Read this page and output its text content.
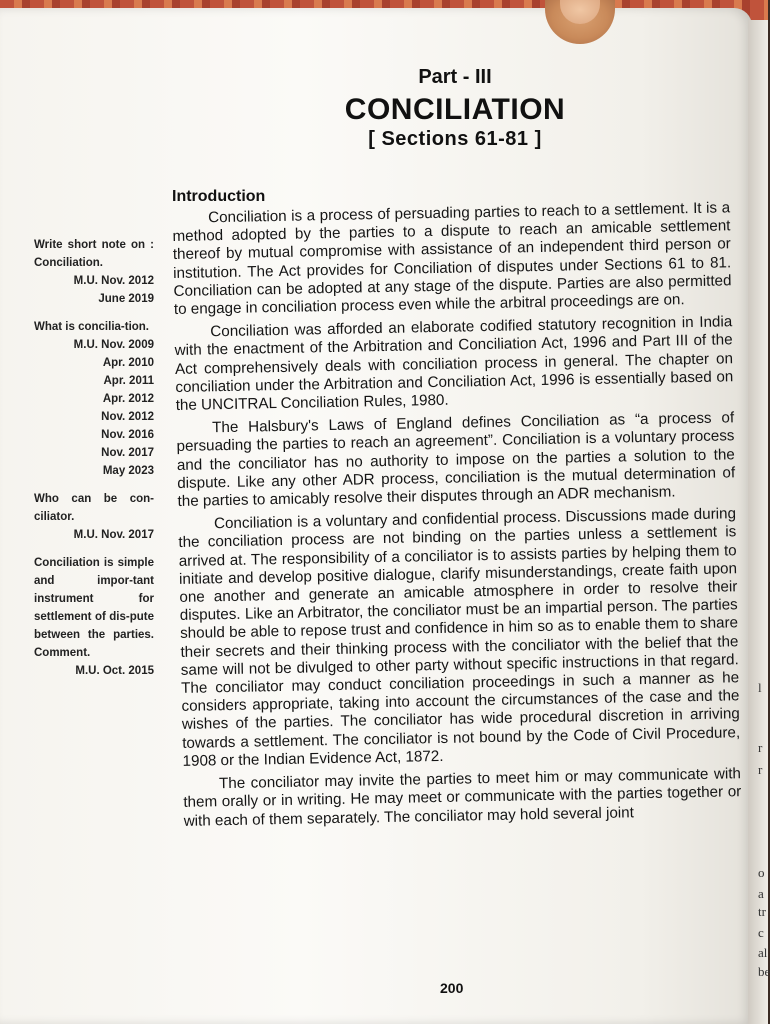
l
r
r
o
a
tr
c
al
be
Part - III
CONCILIATION
[ Sections 61-81 ]
Introduction

Conciliation is a process of persuading parties to reach to a settlement. It is a method adopted by the parties to a dispute to reach an amicable settlement thereof by mutual compromise with assistance of an independent third person or institution. The Act provides for Conciliation of disputes under Sections 61 to 81. Conciliation can be adopted at any stage of the dispute. Parties are also permitted to engage in conciliation process even while the arbitral proceedings are on.

Conciliation was afforded an elaborate codified statutory recognition in India with the enactment of the Arbitration and Conciliation Act, 1996 and Part III of the Act comprehensively deals with conciliation process in general. The chapter on conciliation under the Arbitration and Conciliation Act, 1996 is essentially based on the UNCITRAL Conciliation Rules, 1980.

The Halsbury's Laws of England defines Conciliation as “a process of persuading the parties to reach an agreement”. Conciliation is a voluntary process and the conciliator has no authority to impose on the parties a solution to the dispute. Like any other ADR process, conciliation is the mutual determination of the parties to amicably resolve their disputes through an ADR mechanism.

Conciliation is a voluntary and confidential process. Discussions made during the conciliation process are not binding on the parties unless a settlement is arrived at. The responsibility of a conciliator is to assists parties by helping them to initiate and develop positive dialogue, clarify misunderstandings, create faith upon one another and generate an amicable atmosphere in order to resolve their disputes. Like an Arbitrator, the conciliator must be an impartial person. The parties should be able to repose trust and confidence in him so as to enable them to share their secrets and their thinking process with the conciliator with the belief that the same will not be divulged to other party without specific instructions in that regard. The conciliator may conduct conciliation proceedings in such a manner as he considers appropriate, taking into account the circumstances of the case and the wishes of the parties. The conciliator has wide procedural discretion in arriving towards a settlement. The conciliator is not bound by the Code of Civil Procedure, 1908 or the Indian Evidence Act, 1872.

The conciliator may invite the parties to meet him or may communicate with them orally or in writing. He may meet or communicate with the parties together or with each of them separately. The conciliator may hold several joint

Write short note on : Conciliation.
M.U. Nov. 2012
June 2019
What is concilia-tion.
M.U. Nov. 2009
Apr. 2010
Apr. 2011
Apr. 2012
Nov. 2012
Nov. 2016
Nov. 2017
May 2023
Who can be con-ciliator.
M.U. Nov. 2017
Conciliation is simple and impor-tant instrument for settlement of dis-pute between the parties. Comment.
M.U. Oct. 2015
200
